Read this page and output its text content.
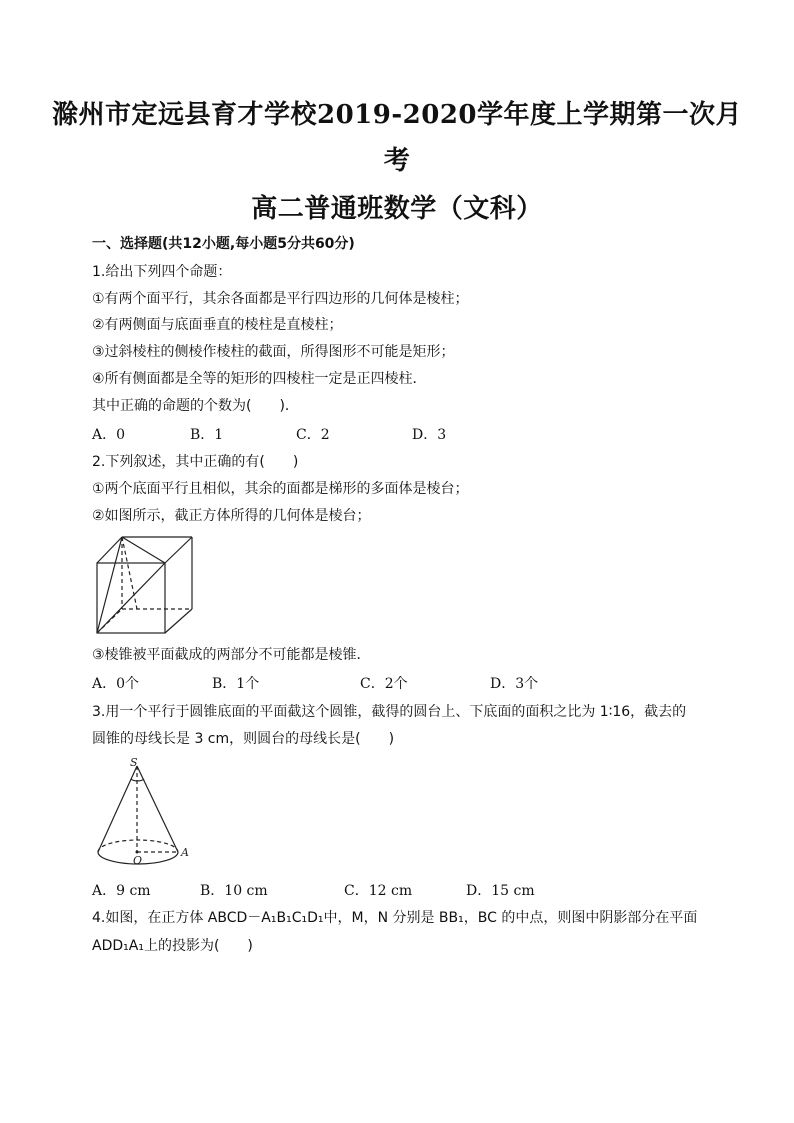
滁州市定远县育才学校2019-2020学年度上学期第一次月
考
高二普通班数学（文科）
一、选择题(共12小题,每小题5分共60分)
1.给出下列四个命题：
①有两个面平行，其余各面都是平行四边形的几何体是棱柱；
②有两侧面与底面垂直的棱柱是直棱柱；
③过斜棱柱的侧棱作棱柱的截面，所得图形不可能是矩形；
④所有侧面都是全等的矩形的四棱柱一定是正四棱柱．
其中正确的命题的个数为(　　)．
A．0	B．1	C．2	D．3
2.下列叙述，其中正确的有(　　)
①两个底面平行且相似，其余的面都是梯形的多面体是棱台；
②如图所示，截正方体所得的几何体是棱台；
③棱锥被平面截成的两部分不可能都是棱锥．
A．0个	B．1个	C．2个	D．3个
3.用一个平行于圆锥底面的平面截这个圆锥，截得的圆台上、下底面的面积之比为 1∶16，截去的
圆锥的母线长是 3 cm，则圆台的母线长是(　　)
S
O
A
A．9 cm	B．10 cm	C．12 cm	D．15 cm
4.如图，在正方体 ABCD－A₁B₁C₁D₁中，M，N 分别是 BB₁，BC 的中点，则图中阴影部分在平面
ADD₁A₁上的投影为(　　)
